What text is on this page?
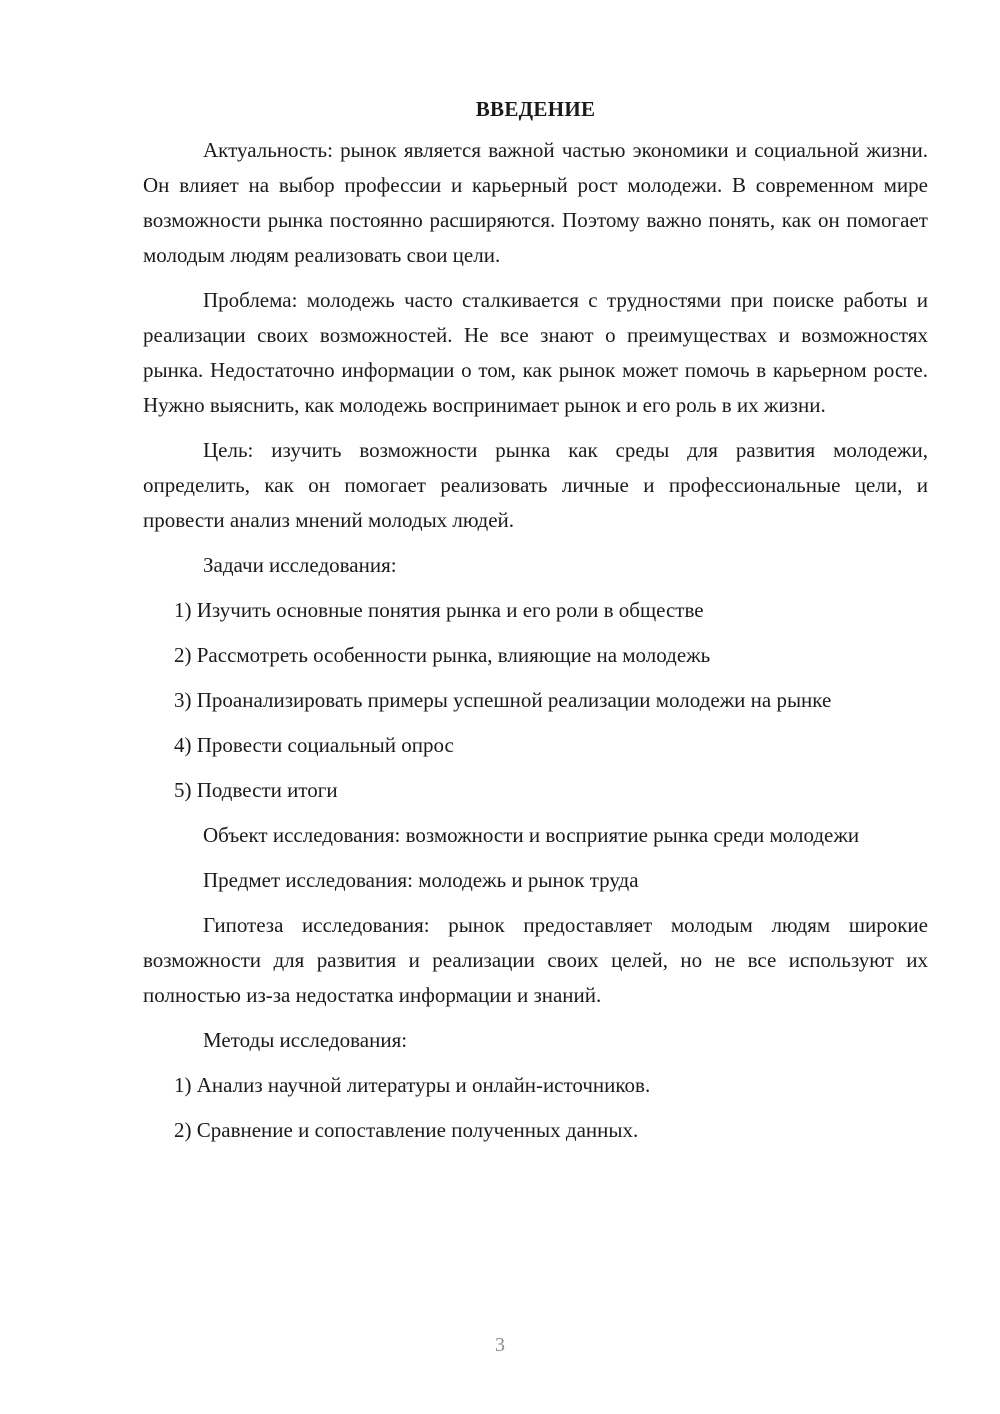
ВВЕДЕНИЕ

Актуальность: рынок является важной частью экономики и социальной жизни. Он влияет на выбор профессии и карьерный рост молодежи. В современном мире возможности рынка постоянно расширяются. Поэтому важно понять, как он помогает молодым людям реализовать свои цели.

Проблема: молодежь часто сталкивается с трудностями при поиске работы и реализации своих возможностей. Не все знают о преимуществах и возможностях рынка. Недостаточно информации о том, как рынок может помочь в карьерном росте. Нужно выяснить, как молодежь воспринимает рынок и его роль в их жизни.

Цель: изучить возможности рынка как среды для развития молодежи, определить, как он помогает реализовать личные и профессиональные цели, и провести анализ мнений молодых людей.

Задачи исследования:

1) Изучить основные понятия рынка и его роли в обществе

2) Рассмотреть особенности рынка, влияющие на молодежь

3) Проанализировать примеры успешной реализации молодежи на рынке

4) Провести социальный опрос

5) Подвести итоги

Объект исследования: возможности и восприятие рынка среди молодежи

Предмет исследования: молодежь и рынок труда

Гипотеза исследования: рынок предоставляет молодым людям широкие возможности для развития и реализации своих целей, но не все используют их полностью из-за недостатка информации и знаний.

Методы исследования:

1) Анализ научной литературы и онлайн-источников.

2) Сравнение и сопоставление полученных данных.

3
